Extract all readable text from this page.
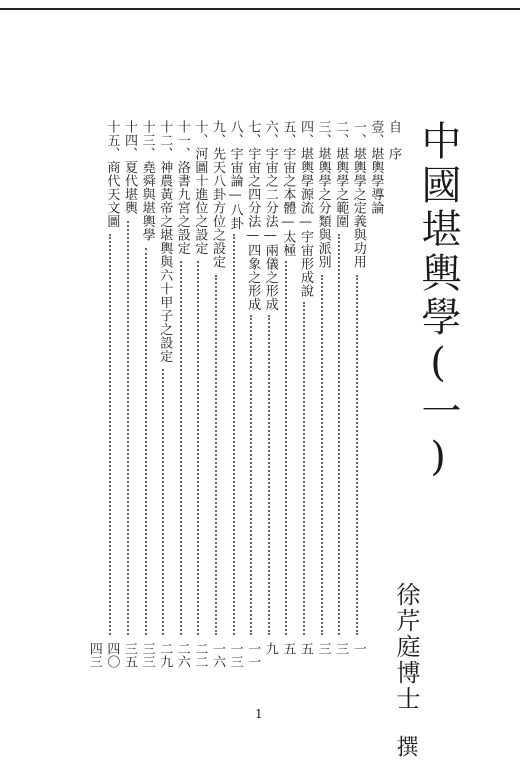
中國堪輿學(一)
徐芹庭博士
撰
自　序
壹、堪輿學導論
一、堪輿學之定義與功用
一
二、堪輿學之範圍
三
三、堪輿學之分類與派別
三
四、堪輿學源流—宇宙形成說
五
五、宇宙之本體—太極
五
六、宇宙之二分法—兩儀之形成
九
七、宇宙之四分法—四象之形成
一一
八、宇宙論—八卦
一三
九、先天八卦方位之設定
一六
十、河圖十進位之設定
二二
十一、洛書九宮之設定
二六
十二、神農黃帝之堪輿與六十甲子之設定
二九
十三、堯舜與堪輿學
三三
十四、夏代堪輿
三五
十五、商代天文圖
四〇
四三
1
